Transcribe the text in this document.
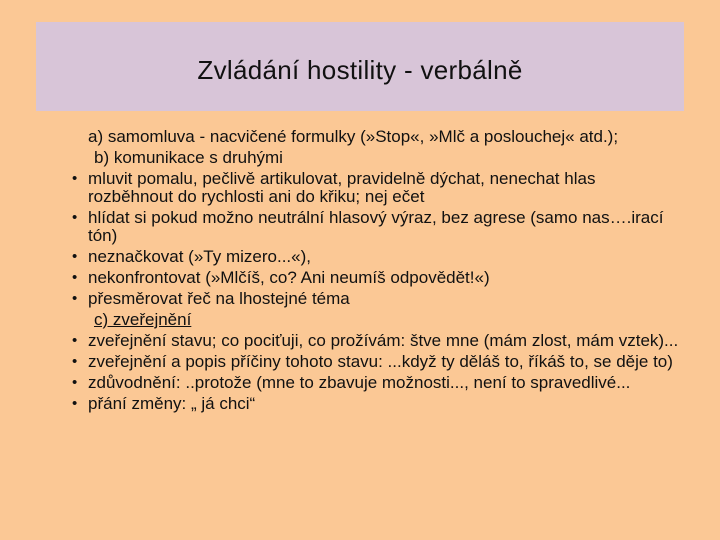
Zvládání hostility - verbálně
a) samomluva - nacvičené formulky (»Stop«, »Mlč a poslouchej« atd.);
b) komunikace s druhými
• mluvit pomalu, pečlivě artikulovat, pravidelně dýchat, nenechat hlas rozběhnout do rychlosti ani do křiku; nej ečet
• hlídat si pokud možno neutrální hlasový výraz, bez agrese (samo nas….irací tón)
• neznačkovat (»Ty mizero...«),
• nekonfrontovat (»Mlčíš, co? Ani neumíš odpovědět!«)
• přesměrovat řeč na lhostejné téma
c) zveřejnění
• zveřejnění stavu; co pociťuji, co prožívám: štve mne (mám zlost, mám vztek)...
• zveřejnění a popis příčiny tohoto stavu: ...když ty děláš to, říkáš to, se děje to)
• zdůvodnění: ..protože (mne to zbavuje možnosti..., není to spravedlivé...
• přání změny: „ já chci“
